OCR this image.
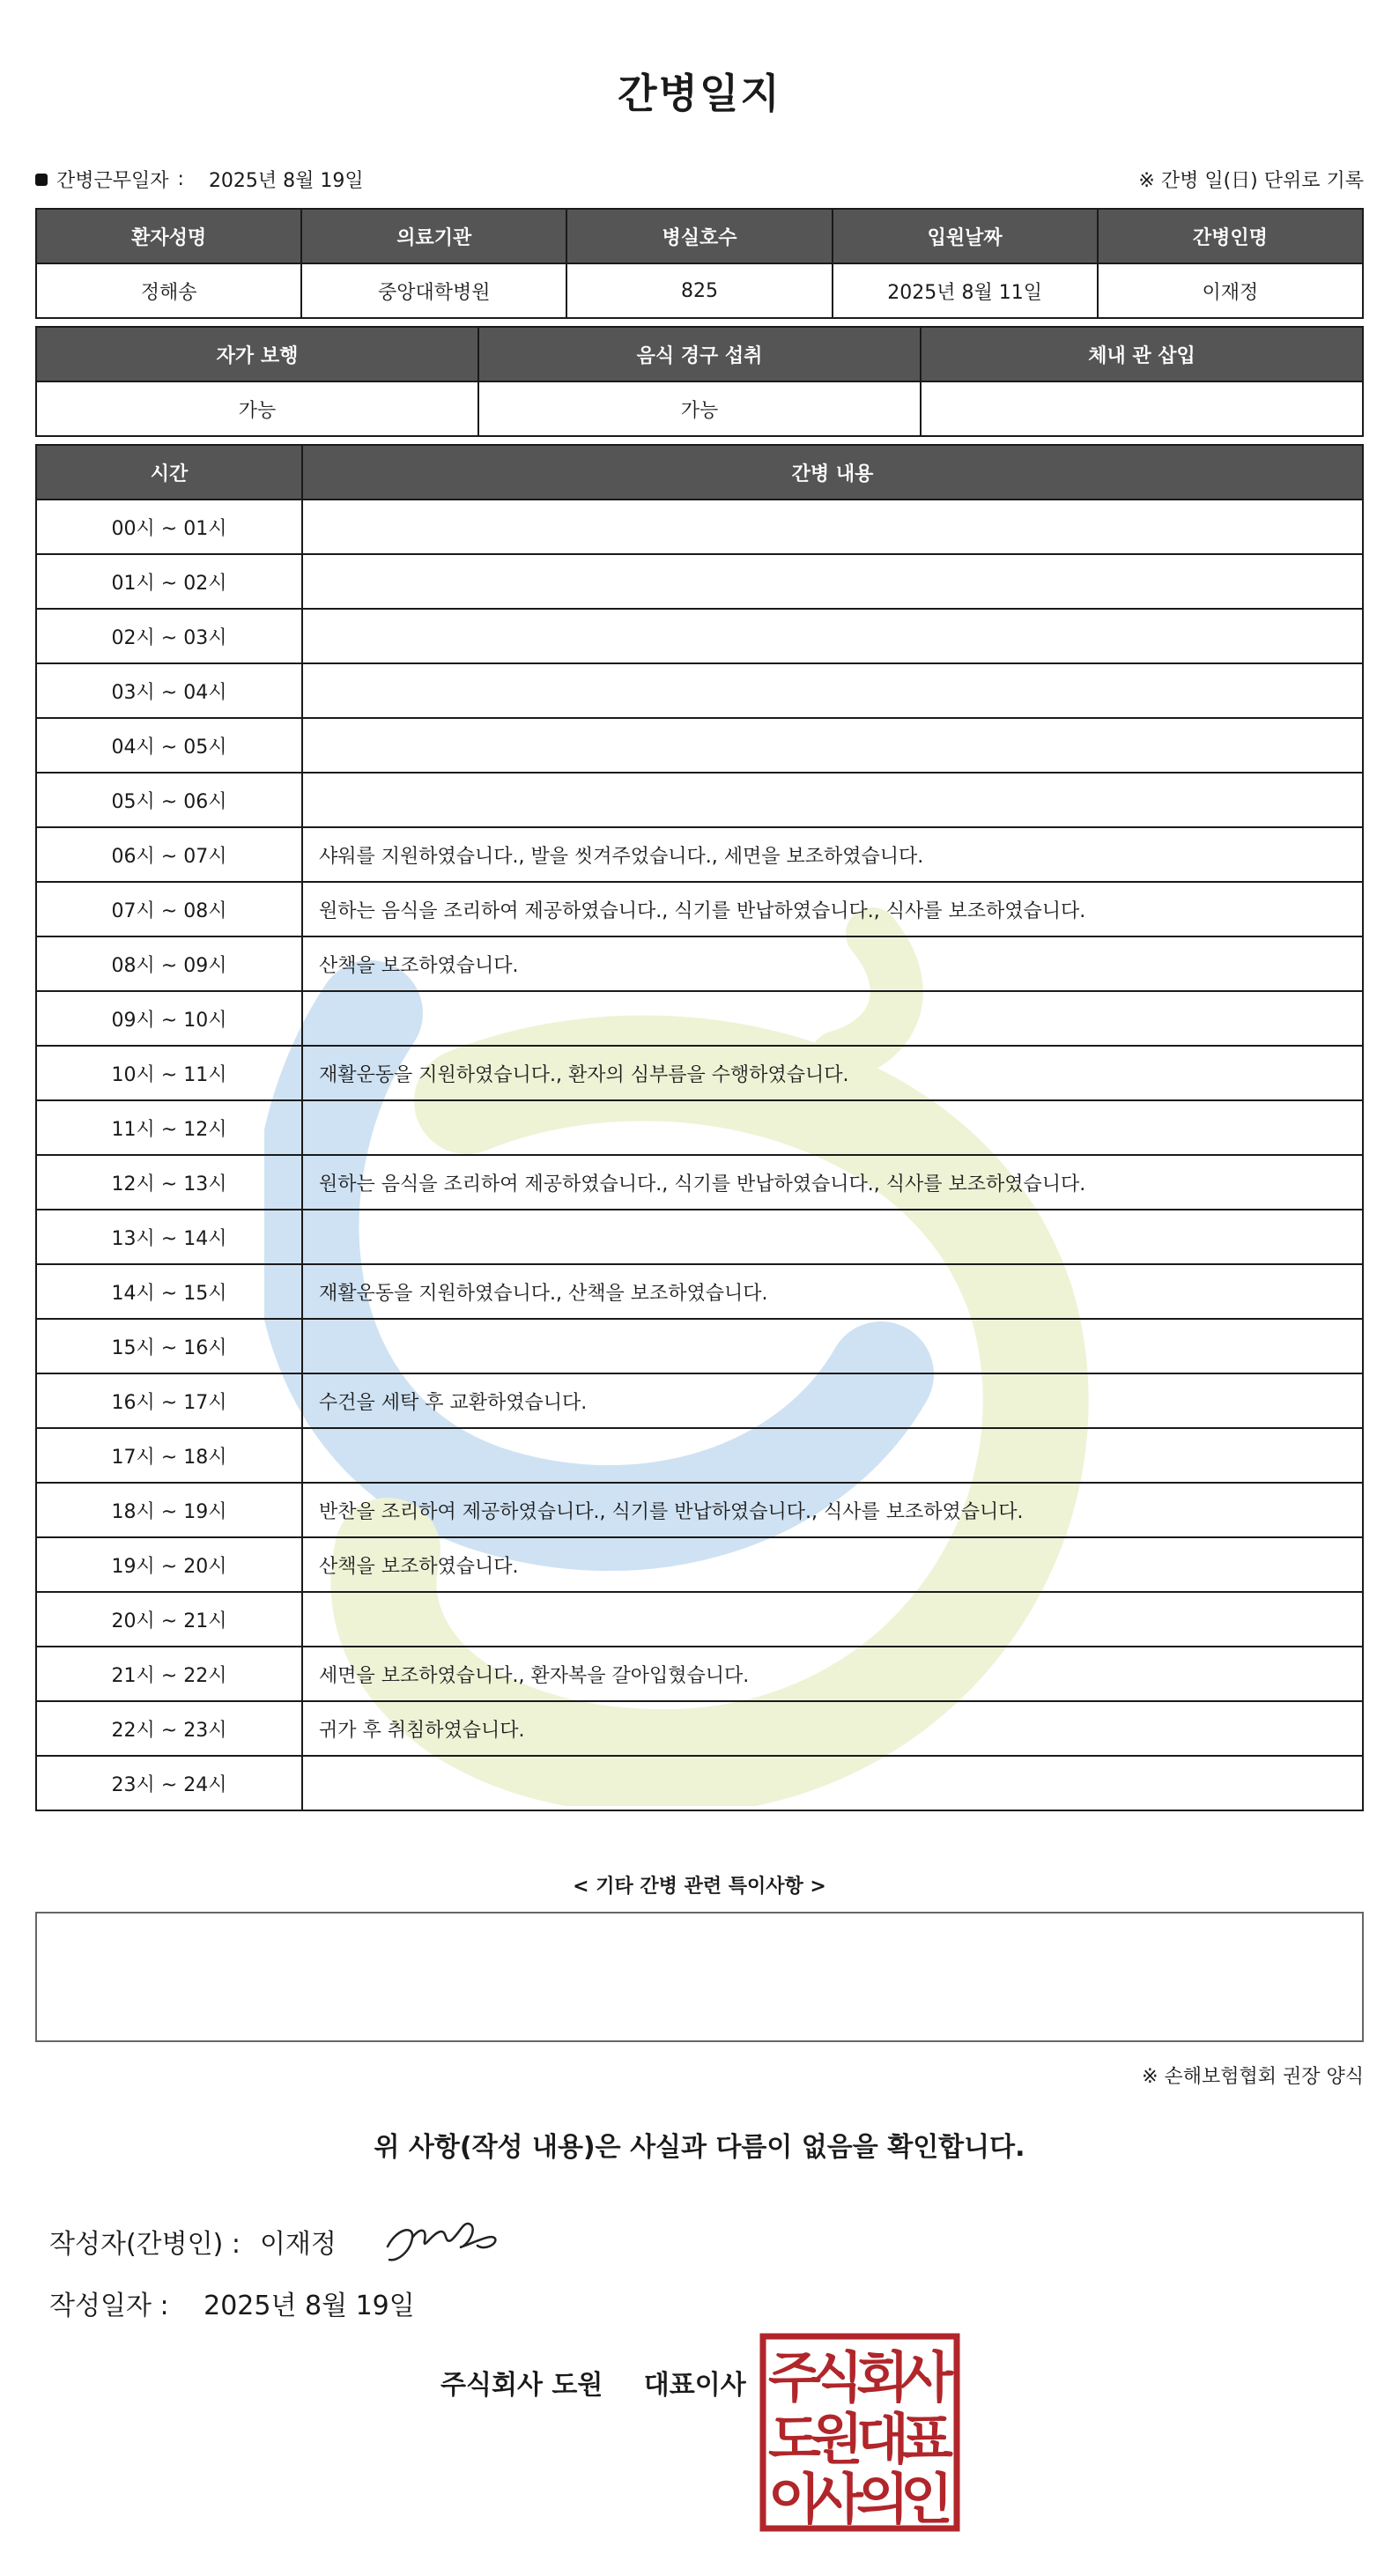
간병일지
간병근무일자 : 2025년 8월 19일	※ 간병 일(日) 단위로 기록
환자성명	의료기관	병실호수	입원날짜	간병인명
정해송	중앙대학병원	825	2025년 8월 11일	이재정
자가 보행	음식 경구 섭취	체내 관 삽입
가능	가능	
시간	간병 내용
00시 ~ 01시	
01시 ~ 02시	
02시 ~ 03시	
03시 ~ 04시	
04시 ~ 05시	
05시 ~ 06시	
06시 ~ 07시	샤워를 지원하였습니다., 발을 씻겨주었습니다., 세면을 보조하였습니다.
07시 ~ 08시	원하는 음식을 조리하여 제공하였습니다., 식기를 반납하였습니다., 식사를 보조하였습니다.
08시 ~ 09시	산책을 보조하였습니다.
09시 ~ 10시	
10시 ~ 11시	재활운동을 지원하였습니다., 환자의 심부름을 수행하였습니다.
11시 ~ 12시	
12시 ~ 13시	원하는 음식을 조리하여 제공하였습니다., 식기를 반납하였습니다., 식사를 보조하였습니다.
13시 ~ 14시	
14시 ~ 15시	재활운동을 지원하였습니다., 산책을 보조하였습니다.
15시 ~ 16시	
16시 ~ 17시	수건을 세탁 후 교환하였습니다.
17시 ~ 18시	
18시 ~ 19시	반찬을 조리하여 제공하였습니다., 식기를 반납하였습니다., 식사를 보조하였습니다.
19시 ~ 20시	산책을 보조하였습니다.
20시 ~ 21시	
21시 ~ 22시	세면을 보조하였습니다., 환자복을 갈아입혔습니다.
22시 ~ 23시	귀가 후 취침하였습니다.
23시 ~ 24시	
< 기타 간병 관련 특이사항 >
※ 손해보험협회 권장 양식
위 사항(작성 내용)은 사실과 다름이 없음을 확인합니다.
작성자(간병인) : 이재정
작성일자 : 2025년 8월 19일
주식회사 도원 대표이사 주
식
회
사
도
원
대
표
이
사
의
인
